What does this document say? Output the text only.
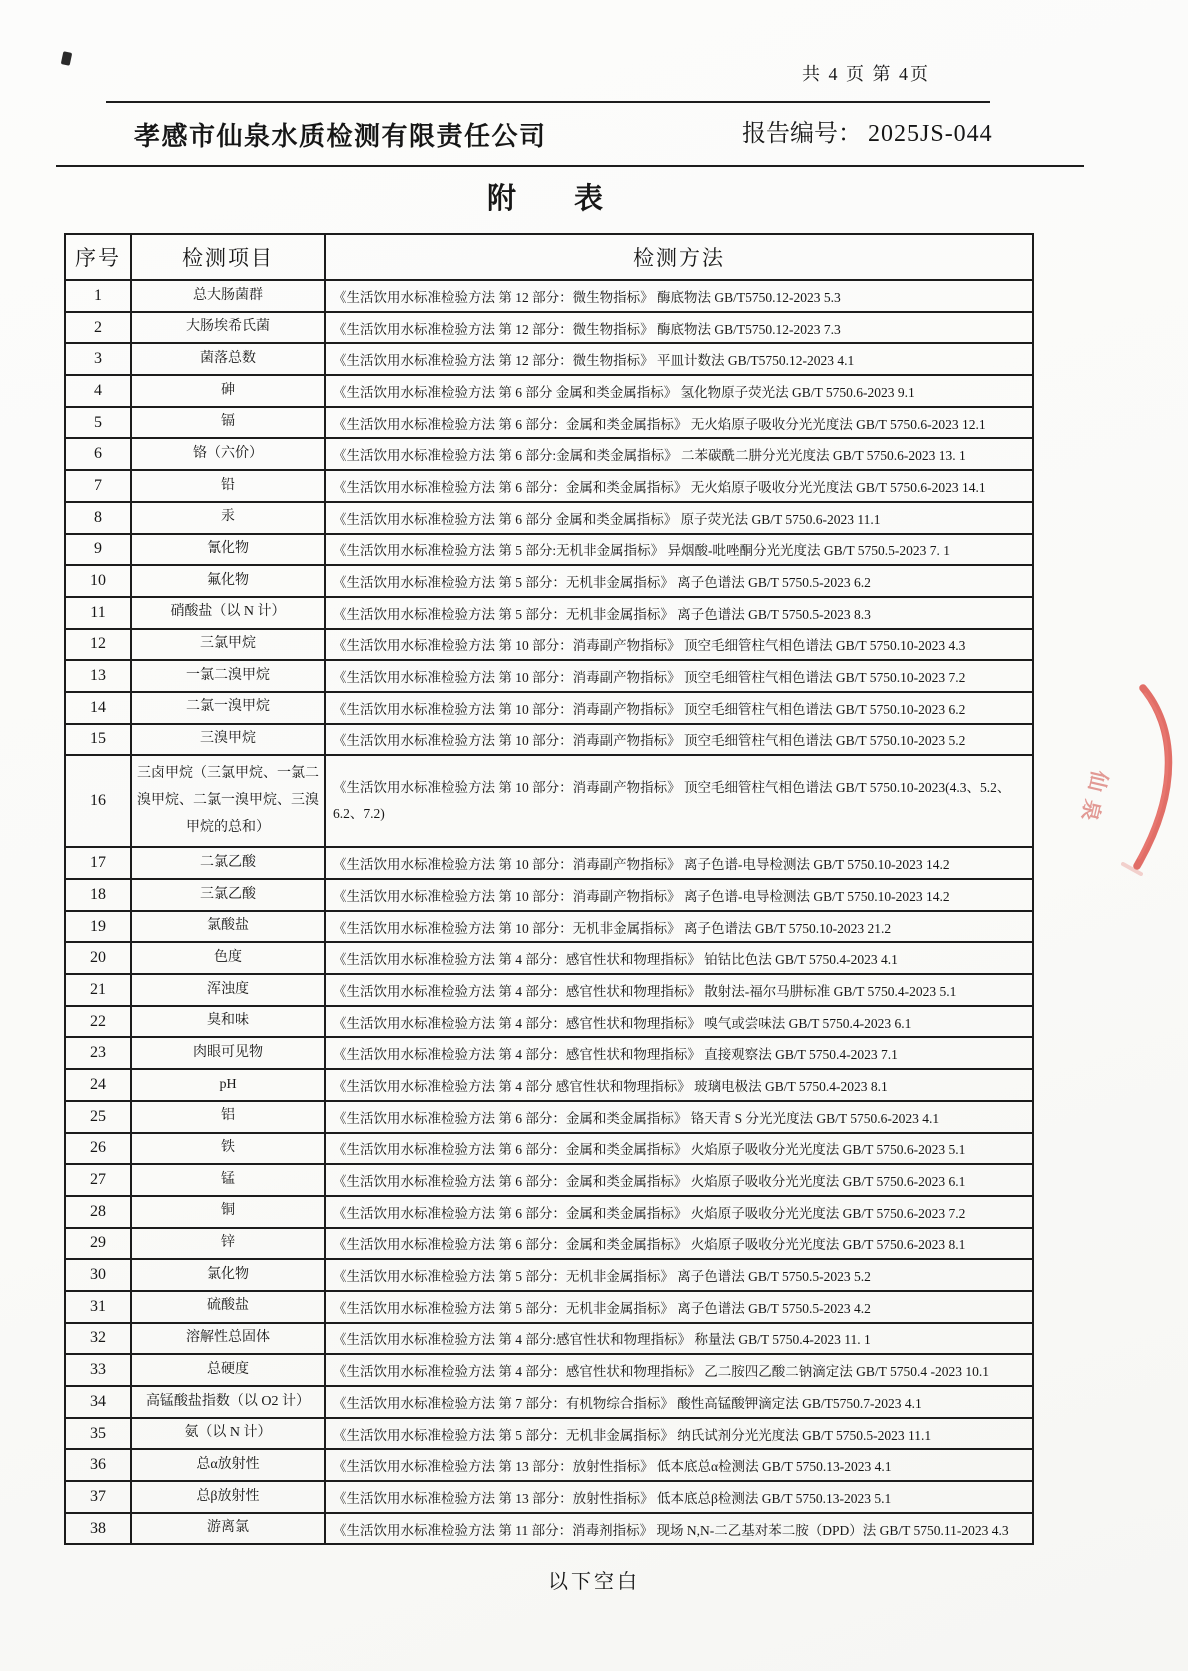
共 4 页 第 4页
孝感市仙泉水质检测有限责任公司	报告编号： 2025JS-044
附　　表
序号	检测项目	检测方法
1	总大肠菌群	《生活饮用水标准检验方法 第 12 部分：微生物指标》 酶底物法 GB/T5750.12-2023 5.3
2	大肠埃希氏菌	《生活饮用水标准检验方法 第 12 部分：微生物指标》 酶底物法 GB/T5750.12-2023 7.3
3	菌落总数	《生活饮用水标准检验方法 第 12 部分：微生物指标》 平皿计数法 GB/T5750.12-2023 4.1
4	砷	《生活饮用水标准检验方法 第 6 部分 金属和类金属指标》 氢化物原子荧光法 GB/T 5750.6-2023 9.1
5	镉	《生活饮用水标准检验方法 第 6 部分：金属和类金属指标》 无火焰原子吸收分光光度法 GB/T 5750.6-2023 12.1
6	铬（六价）	《生活饮用水标准检验方法 第 6 部分:金属和类金属指标》 二苯碳酰二肼分光光度法 GB/T 5750.6-2023 13. 1
7	铅	《生活饮用水标准检验方法 第 6 部分：金属和类金属指标》 无火焰原子吸收分光光度法 GB/T 5750.6-2023 14.1
8	汞	《生活饮用水标准检验方法 第 6 部分 金属和类金属指标》 原子荧光法 GB/T 5750.6-2023 11.1
9	氰化物	《生活饮用水标准检验方法 第 5 部分:无机非金属指标》 异烟酸-吡唑酮分光光度法 GB/T 5750.5-2023 7. 1
10	氟化物	《生活饮用水标准检验方法 第 5 部分：无机非金属指标》 离子色谱法 GB/T 5750.5-2023 6.2
11	硝酸盐（以 N 计）	《生活饮用水标准检验方法 第 5 部分：无机非金属指标》 离子色谱法 GB/T 5750.5-2023 8.3
12	三氯甲烷	《生活饮用水标准检验方法 第 10 部分：消毒副产物指标》 顶空毛细管柱气相色谱法 GB/T 5750.10-2023 4.3
13	一氯二溴甲烷	《生活饮用水标准检验方法 第 10 部分：消毒副产物指标》 顶空毛细管柱气相色谱法 GB/T 5750.10-2023 7.2
14	二氯一溴甲烷	《生活饮用水标准检验方法 第 10 部分：消毒副产物指标》 顶空毛细管柱气相色谱法 GB/T 5750.10-2023 6.2
15	三溴甲烷	《生活饮用水标准检验方法 第 10 部分：消毒副产物指标》 顶空毛细管柱气相色谱法 GB/T 5750.10-2023 5.2
16	三卤甲烷（三氯甲烷、一氯二溴甲烷、二氯一溴甲烷、三溴甲烷的总和）	《生活饮用水标准检验方法 第 10 部分：消毒副产物指标》 顶空毛细管柱气相色谱法 GB/T 5750.10-2023(4.3、5.2、6.2、7.2)
17	二氯乙酸	《生活饮用水标准检验方法 第 10 部分：消毒副产物指标》 离子色谱-电导检测法 GB/T 5750.10-2023 14.2
18	三氯乙酸	《生活饮用水标准检验方法 第 10 部分：消毒副产物指标》 离子色谱-电导检测法 GB/T 5750.10-2023 14.2
19	氯酸盐	《生活饮用水标准检验方法 第 10 部分：无机非金属指标》 离子色谱法 GB/T 5750.10-2023 21.2
20	色度	《生活饮用水标准检验方法 第 4 部分：感官性状和物理指标》 铂钴比色法 GB/T 5750.4-2023 4.1
21	浑浊度	《生活饮用水标准检验方法 第 4 部分：感官性状和物理指标》 散射法-福尔马肼标准 GB/T 5750.4-2023 5.1
22	臭和味	《生活饮用水标准检验方法 第 4 部分：感官性状和物理指标》 嗅气或尝味法 GB/T 5750.4-2023 6.1
23	肉眼可见物	《生活饮用水标准检验方法 第 4 部分：感官性状和物理指标》 直接观察法 GB/T 5750.4-2023 7.1
24	pH	《生活饮用水标准检验方法 第 4 部分 感官性状和物理指标》 玻璃电极法 GB/T 5750.4-2023 8.1
25	铝	《生活饮用水标准检验方法 第 6 部分：金属和类金属指标》 铬天青 S 分光光度法 GB/T 5750.6-2023 4.1
26	铁	《生活饮用水标准检验方法 第 6 部分：金属和类金属指标》 火焰原子吸收分光光度法 GB/T 5750.6-2023 5.1
27	锰	《生活饮用水标准检验方法 第 6 部分：金属和类金属指标》 火焰原子吸收分光光度法 GB/T 5750.6-2023 6.1
28	铜	《生活饮用水标准检验方法 第 6 部分：金属和类金属指标》 火焰原子吸收分光光度法 GB/T 5750.6-2023 7.2
29	锌	《生活饮用水标准检验方法 第 6 部分：金属和类金属指标》 火焰原子吸收分光光度法 GB/T 5750.6-2023 8.1
30	氯化物	《生活饮用水标准检验方法 第 5 部分：无机非金属指标》 离子色谱法 GB/T 5750.5-2023 5.2
31	硫酸盐	《生活饮用水标准检验方法 第 5 部分：无机非金属指标》 离子色谱法 GB/T 5750.5-2023 4.2
32	溶解性总固体	《生活饮用水标准检验方法 第 4 部分:感官性状和物理指标》 称量法 GB/T 5750.4-2023 11. 1
33	总硬度	《生活饮用水标准检验方法 第 4 部分：感官性状和物理指标》 乙二胺四乙酸二钠滴定法 GB/T 5750.4 -2023 10.1
34	高锰酸盐指数（以 O2 计）	《生活饮用水标准检验方法 第 7 部分：有机物综合指标》 酸性高锰酸钾滴定法 GB/T5750.7-2023 4.1
35	氨（以 N 计）	《生活饮用水标准检验方法 第 5 部分：无机非金属指标》 纳氏试剂分光光度法 GB/T 5750.5-2023 11.1
36	总α放射性	《生活饮用水标准检验方法 第 13 部分：放射性指标》 低本底总α检测法 GB/T 5750.13-2023 4.1
37	总β放射性	《生活饮用水标准检验方法 第 13 部分：放射性指标》 低本底总β检测法 GB/T 5750.13-2023 5.1
38	游离氯	《生活饮用水标准检验方法 第 11 部分：消毒剂指标》 现场 N,N-二乙基对苯二胺（DPD）法 GB/T 5750.11-2023 4.3
以下空白
仙泉
